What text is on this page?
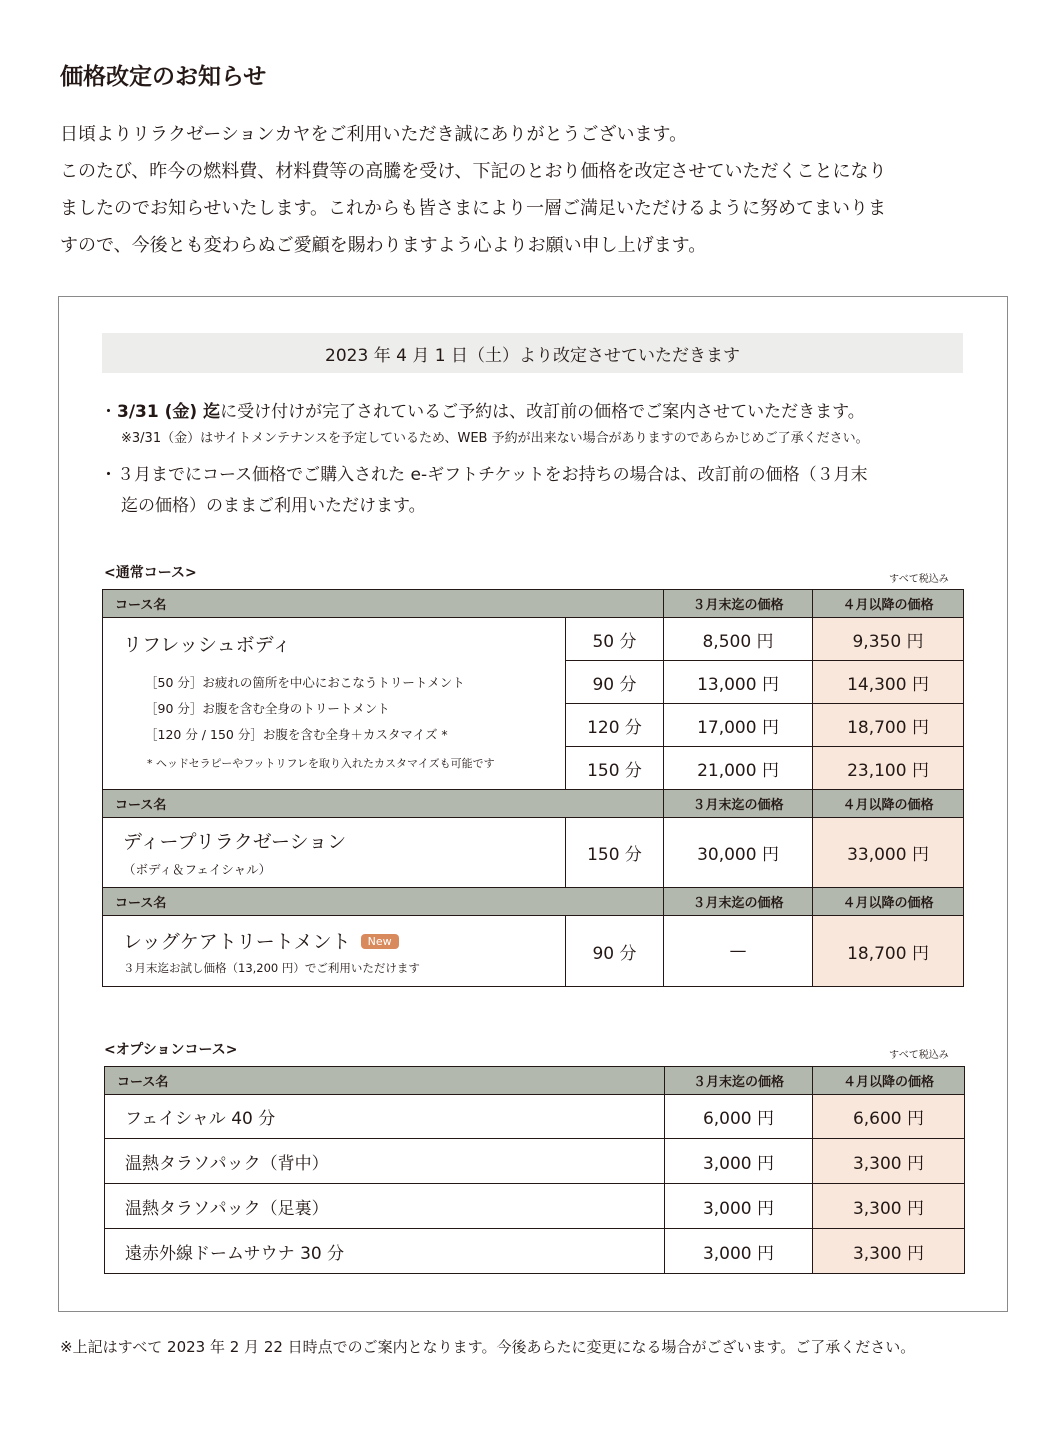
価格改定のお知らせ

日頃よりリラクゼーションカヤをご利用いただき誠にありがとうございます。

このたび、昨今の燃料費、材料費等の高騰を受け、下記のとおり価格を改定させていただくことになり

ましたのでお知らせいたします。これからも皆さまにより一層ご満足いただけるように努めてまいりま

すので、今後とも変わらぬご愛顧を賜わりますよう心よりお願い申し上げます。

2023 年 4 月 1 日（土）より改定させていただきます
・3/31 (金) 迄に受け付けが完了されているご予約は、改訂前の価格でご案内させていただきます。
※3/31（金）はサイトメンテナンスを予定しているため、WEB 予約が出来ない場合がありますのであらかじめご了承ください。
・３月までにコース価格でご購入された e-ギフトチケットをお持ちの場合は、改訂前の価格（３月末
迄の価格）のままご利用いただけます。
<通常コース>	すべて税込み
コース名		３月末迄の価格	４月以降の価格

リフレッシュボディ
［50 分］お疲れの箇所を中心におこなうトリートメント
［90 分］お腹を含む全身のトリートメント
［120 分 / 150 分］お腹を含む全身＋カスタマイズ *
* ヘッドセラピーやフットリフレを取り入れたカスタマイズも可能です	50 分	8,500 円	9,350 円
	90 分	13,000 円	14,300 円
	120 分	17,000 円	18,700 円
	150 分	21,000 円	23,100 円
コース名		３月末迄の価格	４月以降の価格

ディープリラクゼーション
（ボディ＆フェイシャル）	150 分	30,000 円	33,000 円
コース名		３月末迄の価格	４月以降の価格

レッグケアトリートメント New
３月末迄お試し価格（13,200 円）でご利用いただけます	90 分	—	18,700 円
<オプションコース>	すべて税込み
コース名	３月末迄の価格	４月以降の価格
フェイシャル 40 分	6,000 円	6,600 円
温熱タラソパック（背中）	3,000 円	3,300 円
温熱タラソパック（足裏）	3,000 円	3,300 円
遠赤外線ドームサウナ 30 分	3,000 円	3,300 円
※上記はすべて 2023 年 2 月 22 日時点でのご案内となります。今後あらたに変更になる場合がございます。ご了承ください。
